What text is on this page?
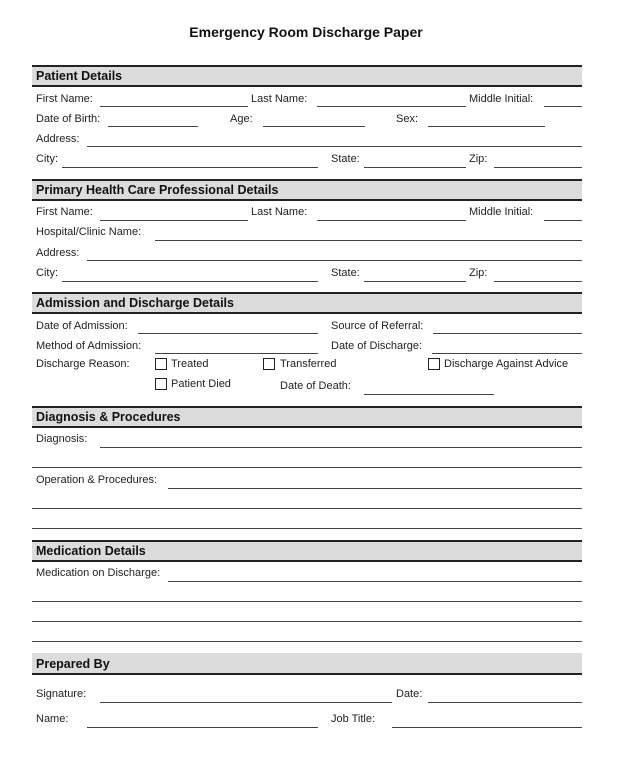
Emergency Room Discharge Paper
Patient Details
First Name:	Last Name:	Middle Initial:
Date of Birth:	Age:	Sex:
Address:
City:	State:	Zip:
Primary Health Care Professional Details
First Name:	Last Name:	Middle Initial:
Hospital/Clinic Name:
Address:
City:	State:	Zip:
Admission and Discharge Details
Date of Admission:	Source of Referral:
Method of Admission:	Date of Discharge:
Discharge Reason:	Treated	Transferred	Discharge Against Advice
Patient Died	Date of Death:
Diagnosis & Procedures
Diagnosis:
Operation & Procedures:
Medication Details
Medication on Discharge:
Prepared By
Signature:	Date:
Name:	Job Title:
